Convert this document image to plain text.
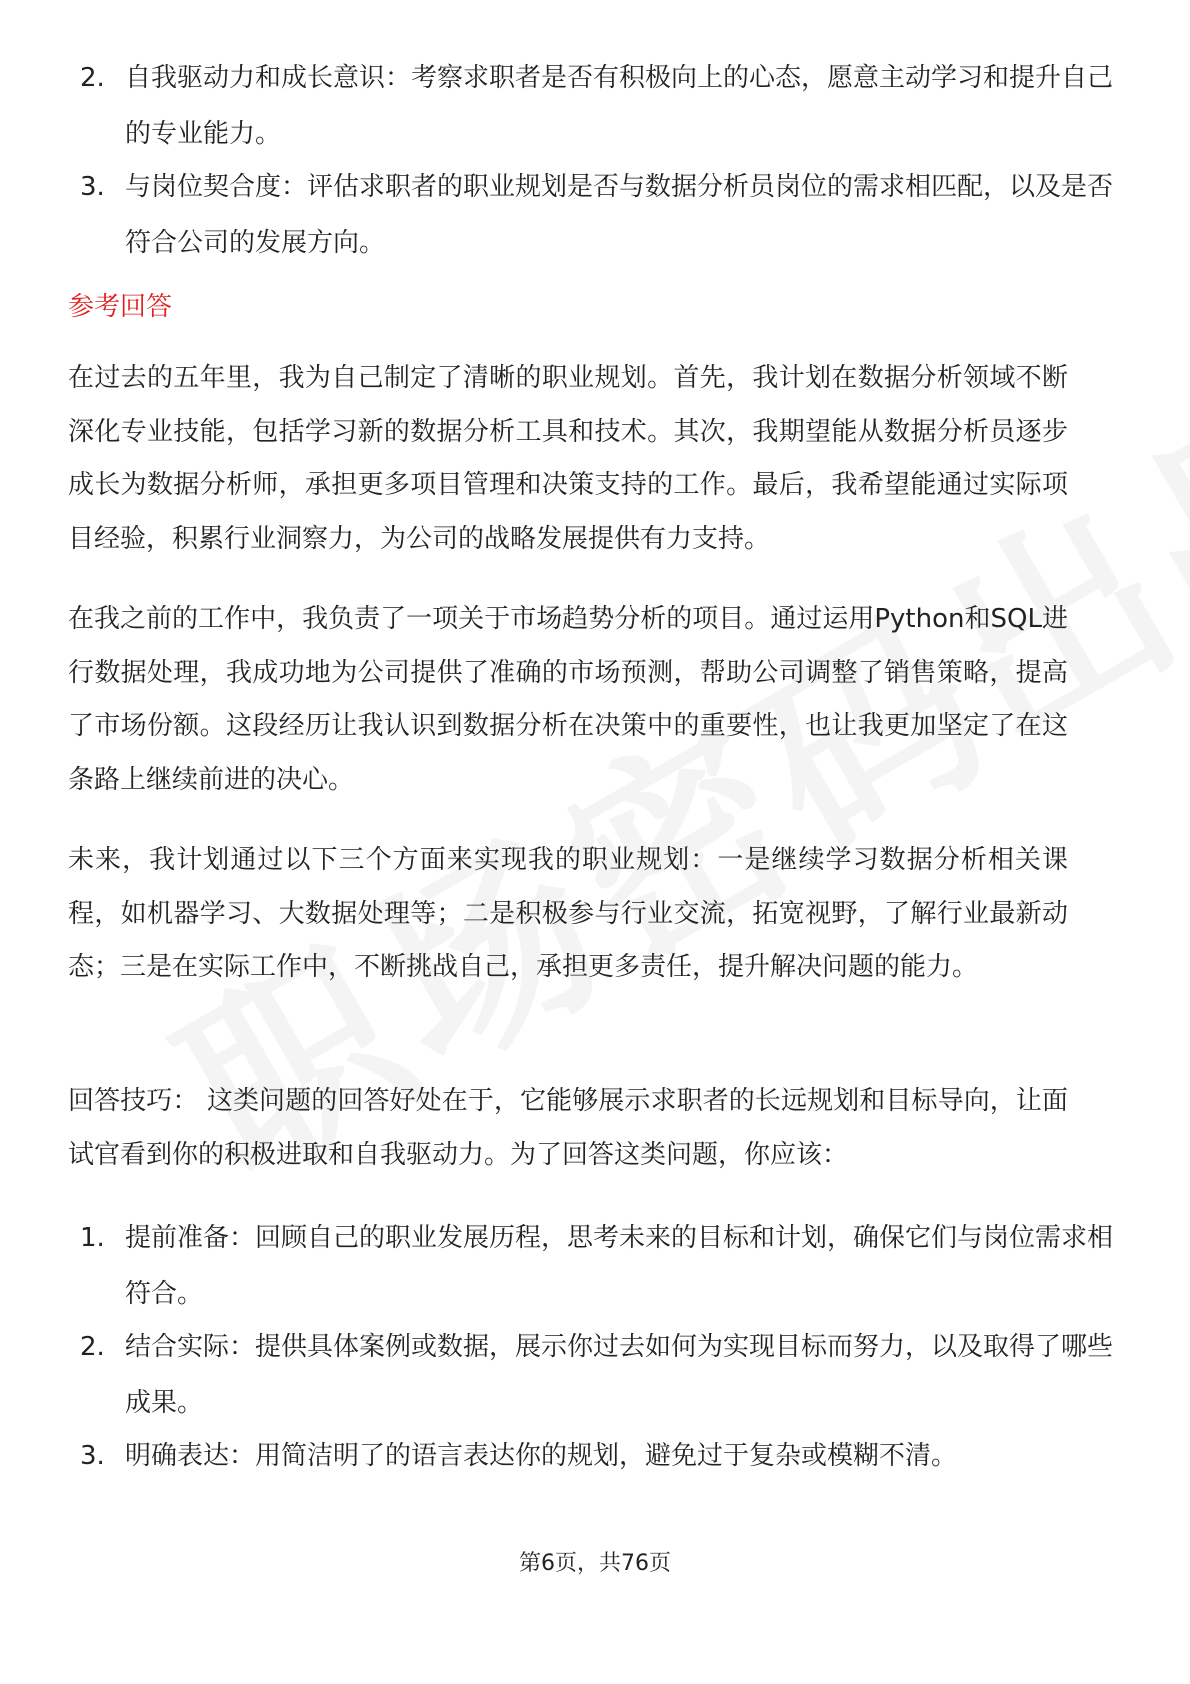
2. 自我驱动力和成长意识：考察求职者是否有积极向上的心态，愿意主动学习和提升自己的专业能力。
3. 与岗位契合度：评估求职者的职业规划是否与数据分析员岗位的需求相匹配，以及是否符合公司的发展方向。
参考回答
在过去的五年里，我为自己制定了清晰的职业规划。首先，我计划在数据分析领域不断深化专业技能，包括学习新的数据分析工具和技术。其次，我期望能从数据分析员逐步成长为数据分析师，承担更多项目管理和决策支持的工作。最后，我希望能通过实际项目经验，积累行业洞察力，为公司的战略发展提供有力支持。
在我之前的工作中，我负责了一项关于市场趋势分析的项目。通过运用Python和SQL进行数据处理，我成功地为公司提供了准确的市场预测，帮助公司调整了销售策略，提高了市场份额。这段经历让我认识到数据分析在决策中的重要性，也让我更加坚定了在这条路上继续前进的决心。
未来，我计划通过以下三个方面来实现我的职业规划：一是继续学习数据分析相关课程，如机器学习、大数据处理等；二是积极参与行业交流，拓宽视野，了解行业最新动态；三是在实际工作中，不断挑战自己，承担更多责任，提升解决问题的能力。
回答技巧： 这类问题的回答好处在于，它能够展示求职者的长远规划和目标导向，让面试官看到你的积极进取和自我驱动力。为了回答这类问题，你应该：
1. 提前准备：回顾自己的职业发展历程，思考未来的目标和计划，确保它们与岗位需求相符合。
2. 结合实际：提供具体案例或数据，展示你过去如何为实现目标而努力，以及取得了哪些成果。
3. 明确表达：用简洁明了的语言表达你的规划，避免过于复杂或模糊不清。
第6页，共76页
